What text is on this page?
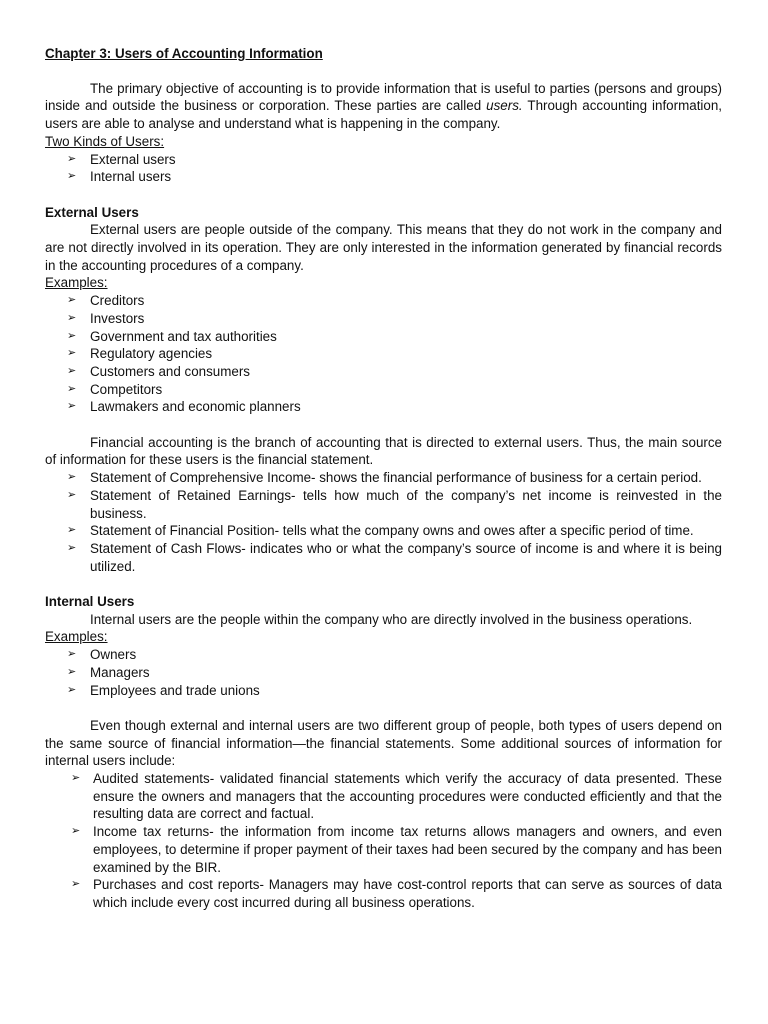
Chapter 3: Users of Accounting Information

The primary objective of accounting is to provide information that is useful to parties (persons and groups) inside and outside the business or corporation. These parties are called users. Through accounting information, users are able to analyse and understand what is happening in the company.

Two Kinds of Users:
➢ External users
➢ Internal users
External Users

External users are people outside of the company. This means that they do not work in the company and are not directly involved in its operation. They are only interested in the information generated by financial records in the accounting procedures of a company.

Examples:
➢ Creditors
➢ Investors
➢ Government and tax authorities
➢ Regulatory agencies
➢ Customers and consumers
➢ Competitors
➢ Lawmakers and economic planners

Financial accounting is the branch of accounting that is directed to external users. Thus, the main source of information for these users is the financial statement.

➢ Statement of Comprehensive Income- shows the financial performance of business for a certain period.
➢ Statement of Retained Earnings- tells how much of the company’s net income is reinvested in the business.
➢ Statement of Financial Position- tells what the company owns and owes after a specific period of time.
➢ Statement of Cash Flows- indicates who or what the company’s source of income is and where it is being utilized.
Internal Users

Internal users are the people within the company who are directly involved in the business operations.

Examples:
➢ Owners
➢ Managers
➢ Employees and trade unions

Even though external and internal users are two different group of people, both types of users depend on the same source of financial information—the financial statements. Some additional sources of information for internal users include:

➢ Audited statements- validated financial statements which verify the accuracy of data presented. These ensure the owners and managers that the accounting procedures were conducted efficiently and that the resulting data are correct and factual.
➢ Income tax returns- the information from income tax returns allows managers and owners, and even employees, to determine if proper payment of their taxes had been secured by the company and has been examined by the BIR.
➢ Purchases and cost reports- Managers may have cost-control reports that can serve as sources of data which include every cost incurred during all business operations.
